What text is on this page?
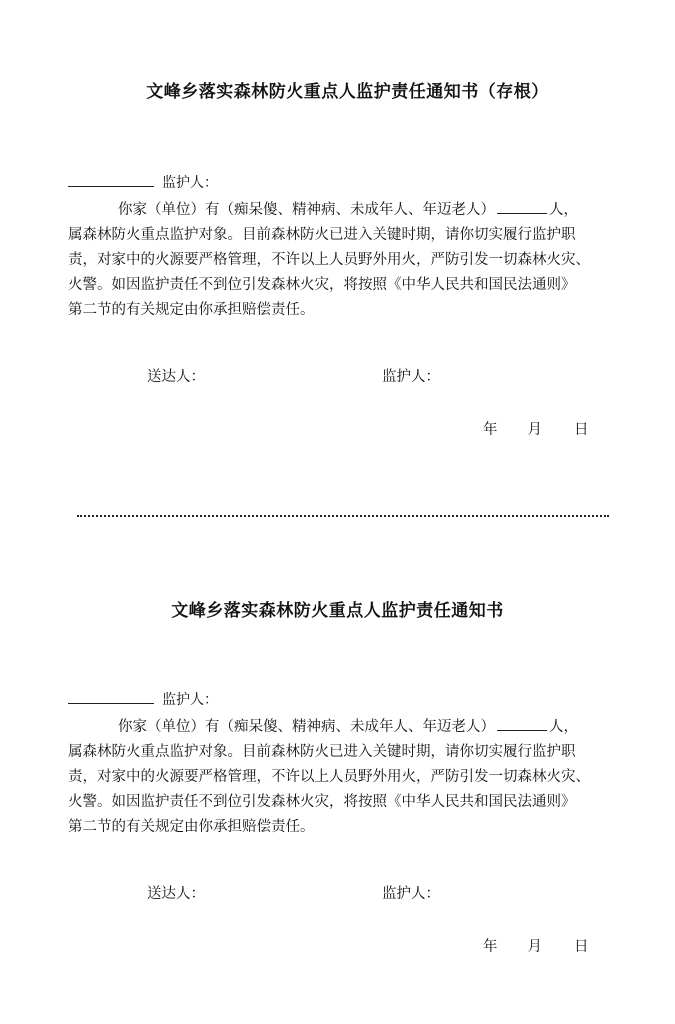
文峰乡落实森林防火重点人监护责任通知书（存根）
监护人：
你家（单位）有（痴呆傻、精神病、未成年人、年迈老人）	人，
属森林防火重点监护对象。目前森林防火已进入关键时期，请你切实履行监护职
责，对家中的火源要严格管理，不许以上人员野外用火，严防引发一切森林火灾、
火警。如因监护责任不到位引发森林火灾，将按照《中华人民共和国民法通则》
第二节的有关规定由你承担赔偿责任。
送达人：	监护人：
年 月 日
文峰乡落实森林防火重点人监护责任通知书
监护人：
你家（单位）有（痴呆傻、精神病、未成年人、年迈老人）	人，
属森林防火重点监护对象。目前森林防火已进入关键时期，请你切实履行监护职
责，对家中的火源要严格管理，不许以上人员野外用火，严防引发一切森林火灾、
火警。如因监护责任不到位引发森林火灾，将按照《中华人民共和国民法通则》
第二节的有关规定由你承担赔偿责任。
送达人：	监护人：
年 月 日
